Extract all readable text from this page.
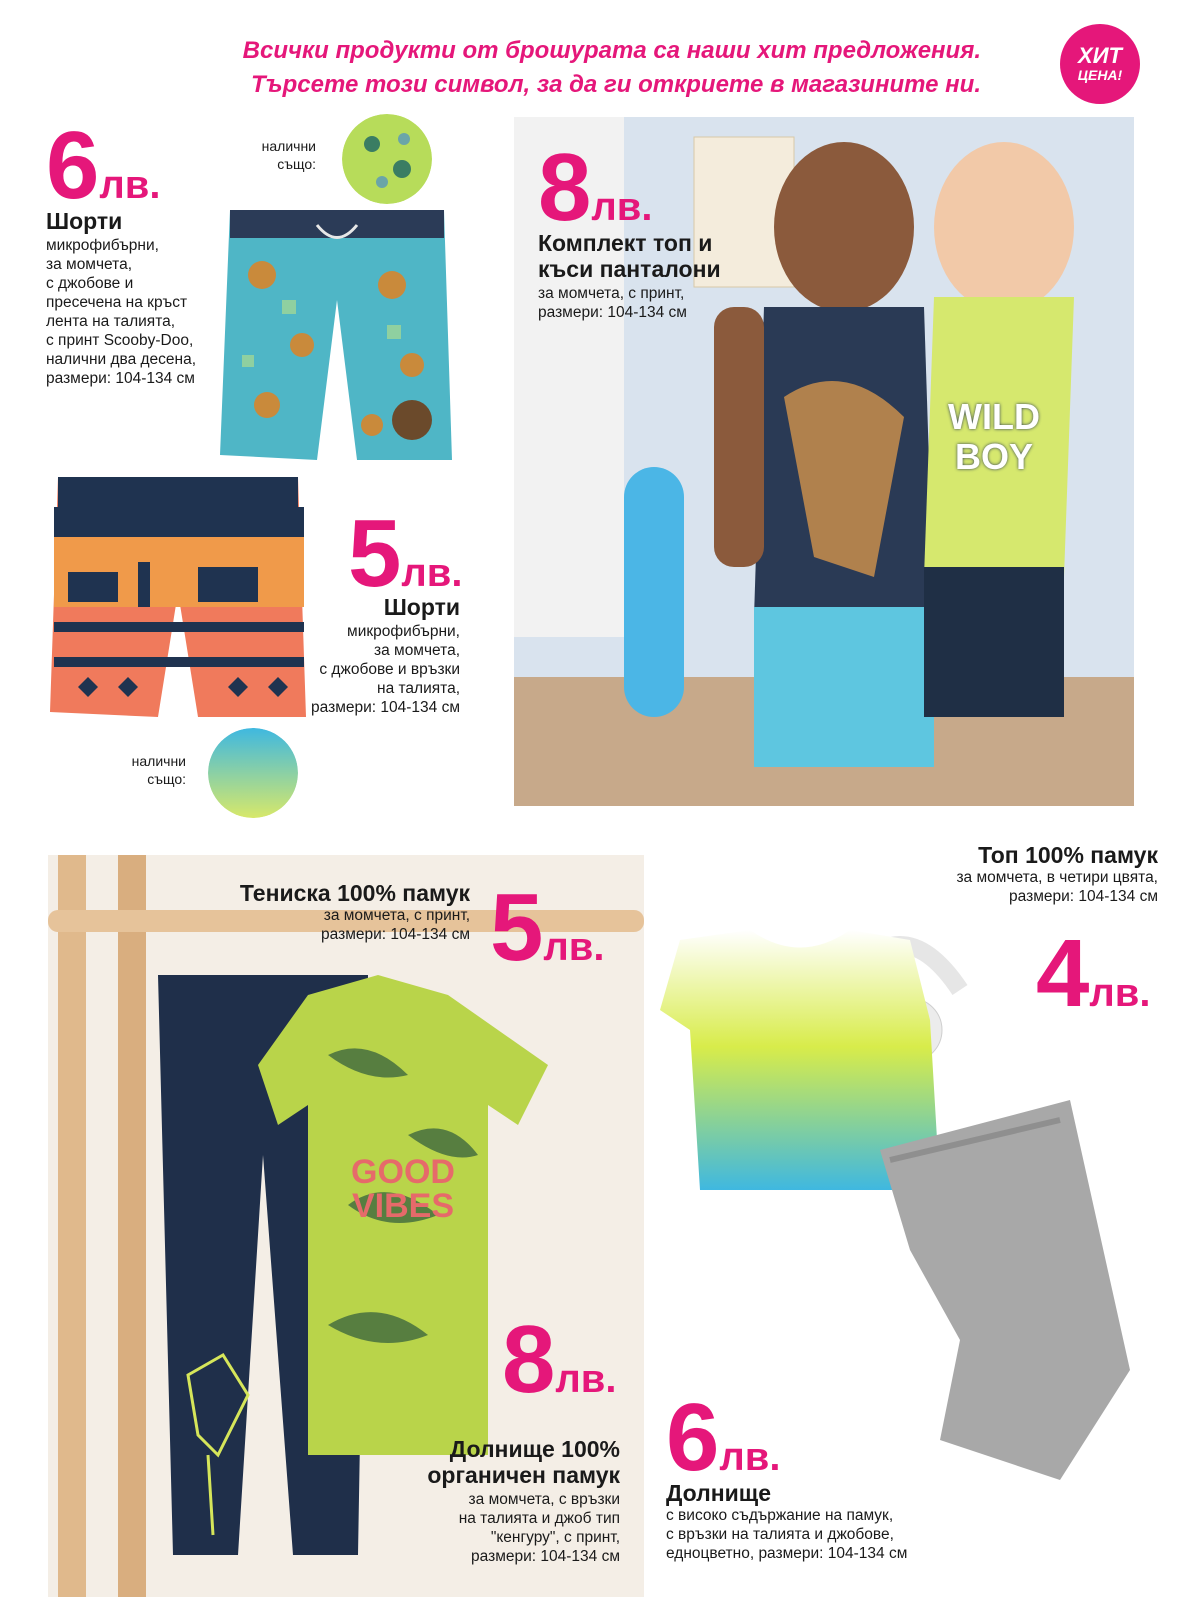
Всички продукти от брошурата са наши хит предложения.
Търсете този символ, за да ги откриете в магазините ни.
ХИТ
ЦЕНА!
6лв.
Шорти
микрофибърни,
за момчета,
с джобове и
пресечена на кръст
лента на талията,
с принт Scooby-Doo,
налични два десена,
размери: 104-134 см
налични
също:
5лв.
Шорти
микрофибърни,
за момчета,
с джобове и връзки
на талията,
размери: 104-134 см
налични
също:
WILD BOY
8лв.
Комплект топ и
къси панталони
за момчета, с принт,
размери: 104-134 см
GOOD VIBES
Тениска 100% памук
за момчета, с принт,
размери: 104-134 см 5лв.
8лв.
Долнище 100%
органичен памук
за момчета, с връзки
на талията и джоб тип
"кенгуру", с принт,
размери: 104-134 см
Топ 100% памук
за момчета, в четири цвята,
размери: 104-134 см
4лв.
6лв.
Долнище
с високо съдържание на памук,
с връзки на талията и джобове,
едноцветно, размери: 104-134 см
